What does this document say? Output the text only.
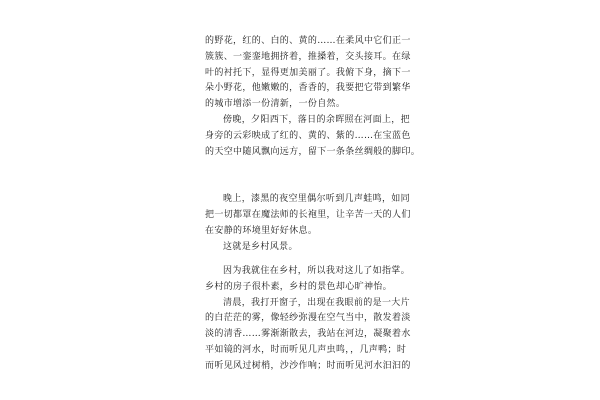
的野花，红的、白的、黄的……在柔风中它们正一
簇簇、一銮銮地拥挤着，推搡着，交头接耳。在绿
叶的衬托下，显得更加美丽了。我俯下身，摘下一
朵小野花，他嫩嫩的，香香的，我要把它带到繁华
的城市增添一份清新，一份自然。
傍晚，夕阳西下，落日的余晖照在河面上，把
身旁的云彩映成了红的、黄的、紫的……在宝蓝色
的天空中随风飘向远方，留下一条条丝绸般的脚印。
晚上，漆黑的夜空里偶尔听到几声蛙鸣，如同
把一切都罩在魔法师的长袍里，让辛苦一天的人们
在安静的环境里好好休息。
这就是乡村风景。
因为我就住在乡村，所以我对这儿了如指掌。
乡村的房子很朴素，乡村的景色却心旷神怡。
清晨，我打开窗子，出现在我眼前的是一大片
的白茫茫的雾，像轻纱弥漫在空气当中，散发着淡
淡的清香……雾渐渐散去，我站在河边，凝聚着水
平如镜的河水，时而听见几声虫鸣，，几声鸭；时
而听见风过树梢，沙沙作响；时而听见河水汩汩的
